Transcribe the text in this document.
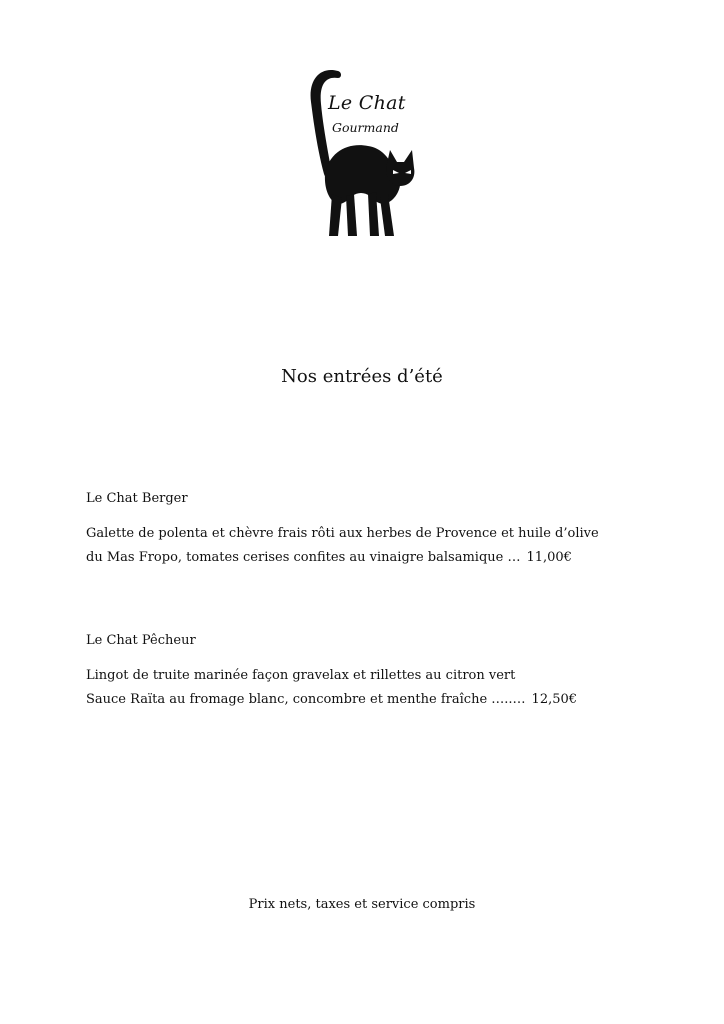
Le Chat
Gourmand
Nos entrées d’été
Le Chat Berger
Galette de polenta et chèvre frais rôti aux herbes de Provence et huile d’olive
du Mas Fropo, tomates cerises confites au vinaigre balsamique … 11,00€
Le Chat Pêcheur
Lingot de truite marinée façon gravelax et rillettes au citron vert
Sauce Raïta au fromage blanc, concombre et menthe fraîche …..… 12,50€
Prix nets, taxes et service compris
